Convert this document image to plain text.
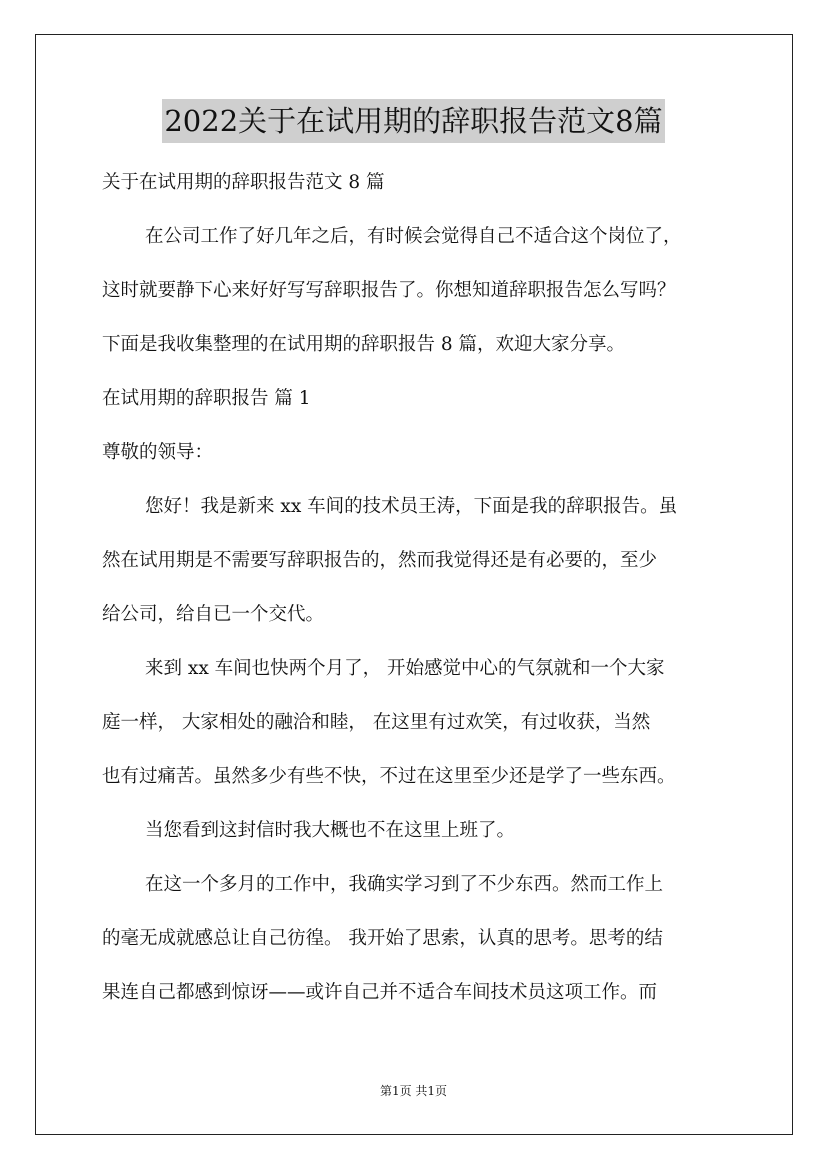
2022关于在试用期的辞职报告范文8篇
关于在试用期的辞职报告范文 8 篇
在公司工作了好几年之后，有时候会觉得自己不适合这个岗位了，
这时就要静下心来好好写写辞职报告了。你想知道辞职报告怎么写吗？
下面是我收集整理的在试用期的辞职报告 8 篇，欢迎大家分享。
在试用期的辞职报告 篇 1
尊敬的领导：
您好！我是新来 xx 车间的技术员王涛，下面是我的辞职报告。虽
然在试用期是不需要写辞职报告的，然而我觉得还是有必要的，至少
给公司，给自已一个交代。
来到 xx 车间也快两个月了， 开始感觉中心的气氛就和一个大家
庭一样， 大家相处的融洽和睦， 在这里有过欢笑，有过收获，当然
也有过痛苦。虽然多少有些不快，不过在这里至少还是学了一些东西。
当您看到这封信时我大概也不在这里上班了。
在这一个多月的工作中，我确实学习到了不少东西。然而工作上
的毫无成就感总让自己彷徨。 我开始了思索，认真的思考。思考的结
果连自己都感到惊讶——或许自己并不适合车间技术员这项工作。而
第1页 共1页
